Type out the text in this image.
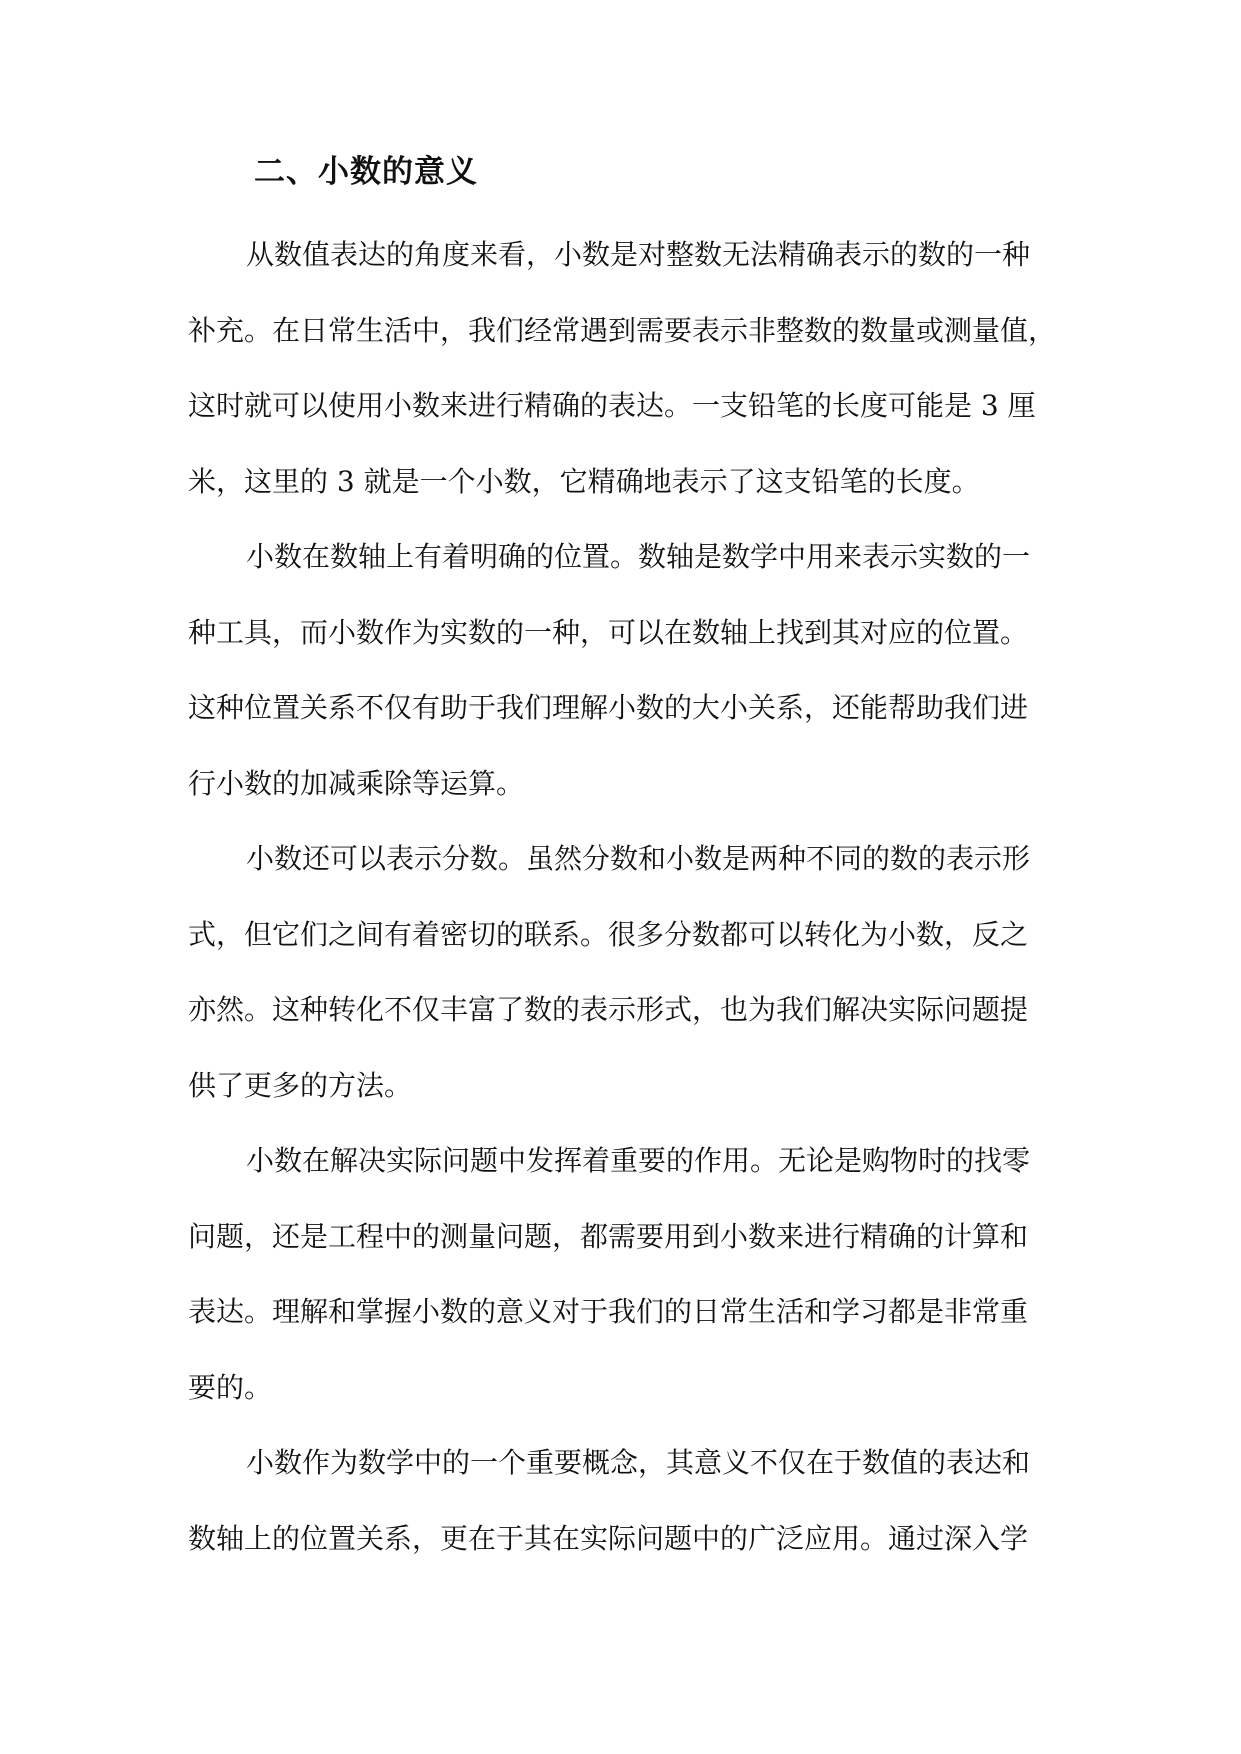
二、小数的意义
从数值表达的角度来看，小数是对整数无法精确表示的数的一种
补充。在日常生活中，我们经常遇到需要表示非整数的数量或测量值，
这时就可以使用小数来进行精确的表达。一支铅笔的长度可能是 3 厘
米，这里的 3 就是一个小数，它精确地表示了这支铅笔的长度。
小数在数轴上有着明确的位置。数轴是数学中用来表示实数的一
种工具，而小数作为实数的一种，可以在数轴上找到其对应的位置。
这种位置关系不仅有助于我们理解小数的大小关系，还能帮助我们进
行小数的加减乘除等运算。
小数还可以表示分数。虽然分数和小数是两种不同的数的表示形
式，但它们之间有着密切的联系。很多分数都可以转化为小数，反之
亦然。这种转化不仅丰富了数的表示形式，也为我们解决实际问题提
供了更多的方法。
小数在解决实际问题中发挥着重要的作用。无论是购物时的找零
问题，还是工程中的测量问题，都需要用到小数来进行精确的计算和
表达。理解和掌握小数的意义对于我们的日常生活和学习都是非常重
要的。
小数作为数学中的一个重要概念，其意义不仅在于数值的表达和
数轴上的位置关系，更在于其在实际问题中的广泛应用。通过深入学
